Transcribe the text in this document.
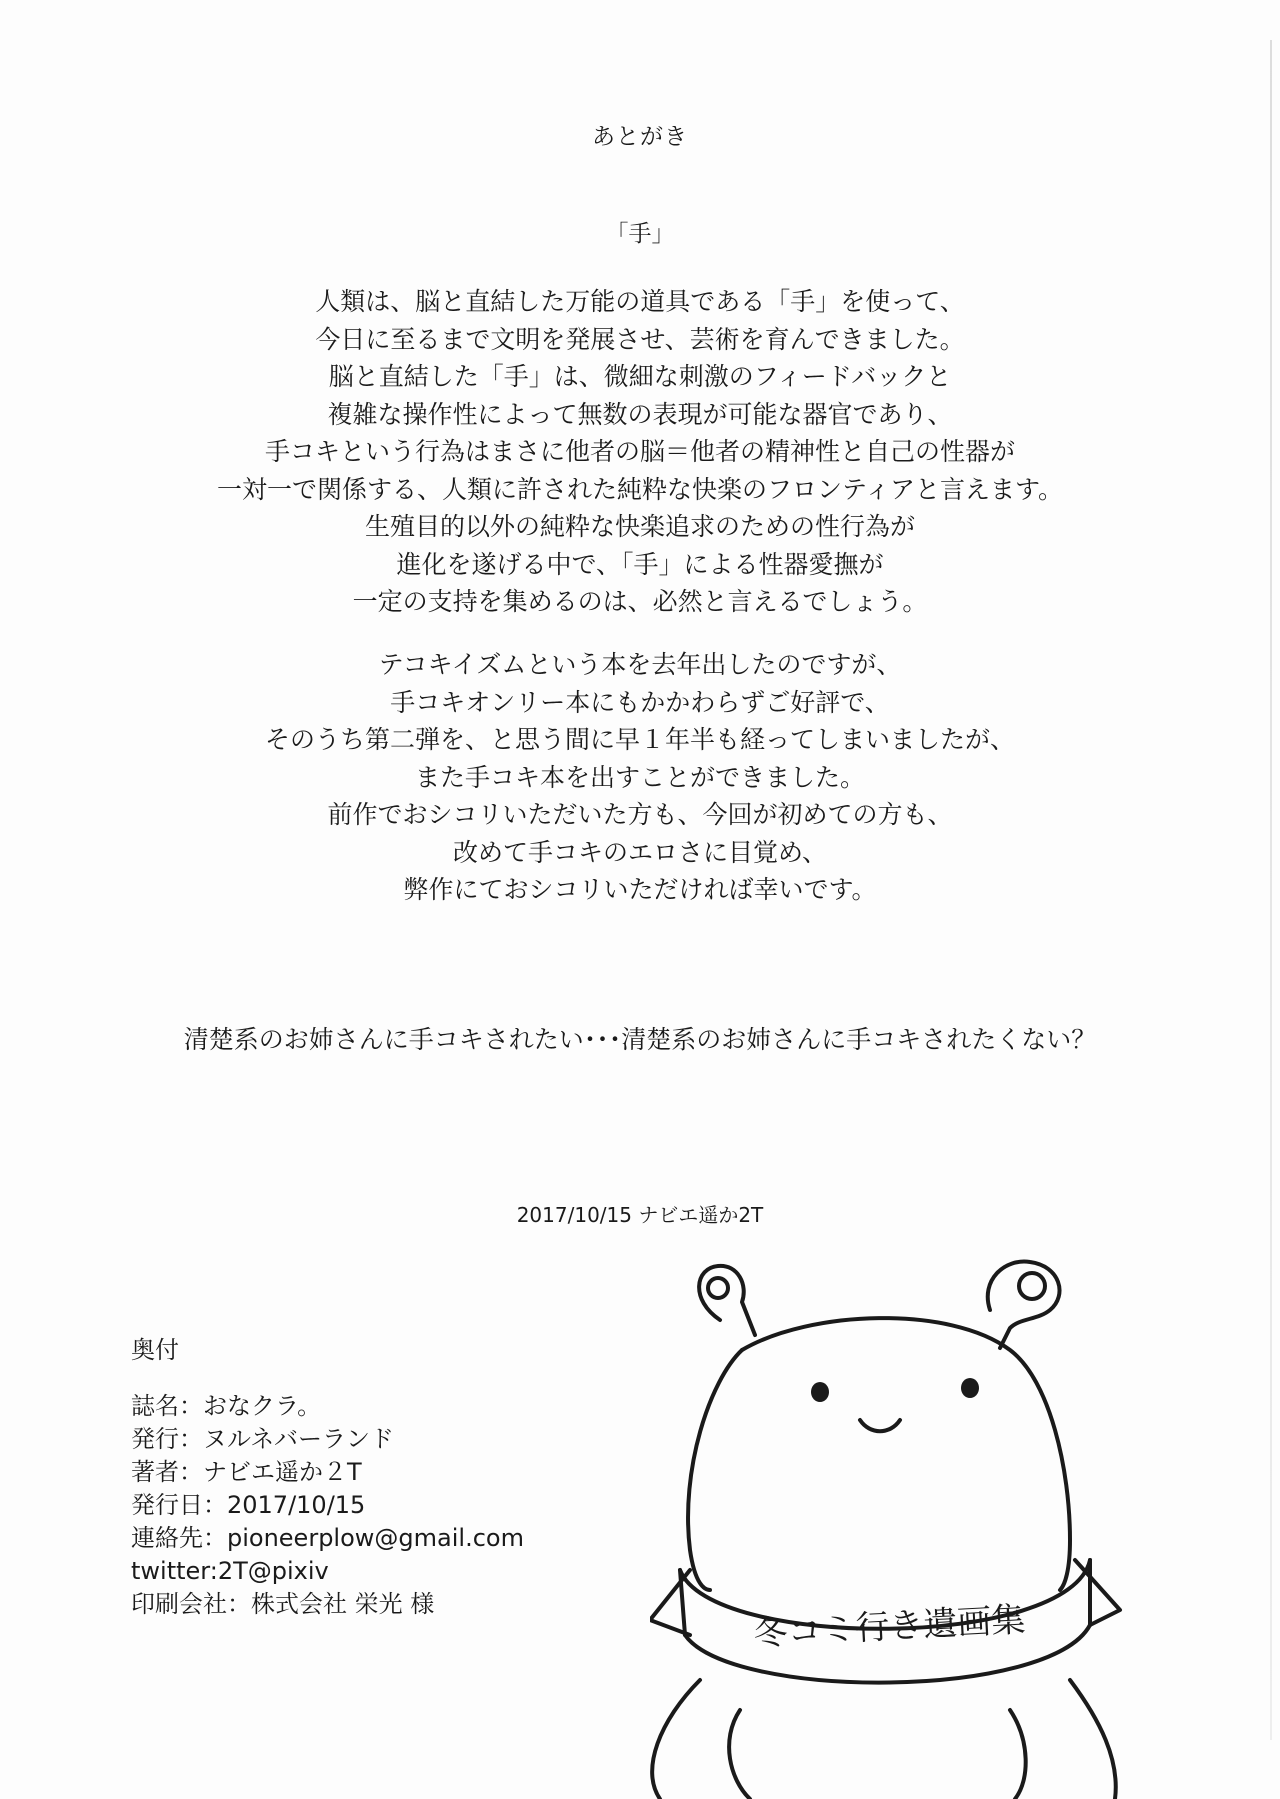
あとがき
「手」
人類は、脳と直結した万能の道具である「手」を使って、
今日に至るまで文明を発展させ、芸術を育んできました。
脳と直結した「手」は、微細な刺激のフィードバックと
複雑な操作性によって無数の表現が可能な器官であり、
手コキという行為はまさに他者の脳＝他者の精神性と自己の性器が
一対一で関係する、人類に許された純粋な快楽のフロンティアと言えます。
生殖目的以外の純粋な快楽追求のための性行為が
進化を遂げる中で、「手」による性器愛撫が
一定の支持を集めるのは、必然と言えるでしょう。
テコキイズムという本を去年出したのですが、
手コキオンリー本にもかかわらずご好評で、
そのうち第二弾を、と思う間に早１年半も経ってしまいましたが、
また手コキ本を出すことができました。
前作でおシコリいただいた方も、今回が初めての方も、
改めて手コキのエロさに目覚め、
弊作にておシコリいただければ幸いです。
清楚系のお姉さんに手コキされたい･･･清楚系のお姉さんに手コキされたくない？
2017/10/15 ナビエ遥か2T
奥付
誌名：おなクラ。
発行：ヌルネバーランド
著者：ナビエ遥か２T
発行日：2017/10/15
連絡先：pioneerplow@gmail.com
twitter:2T@pixiv
印刷会社：株式会社 栄光 様	冬コミ行き遺画集
